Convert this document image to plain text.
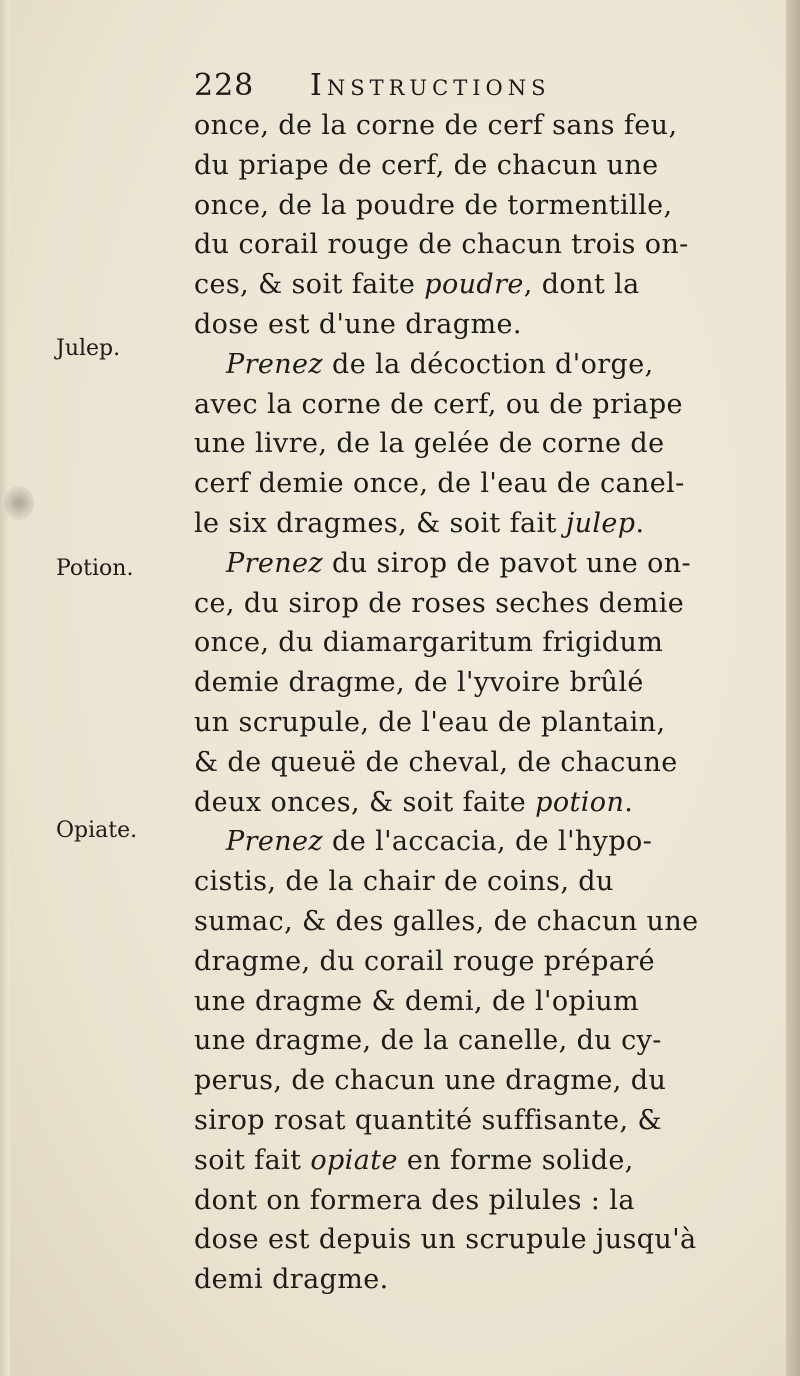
228 Instructions
Julep.
Potion.
Opiate.
once, de la corne de cerf sans feu,
du priape de cerf, de chacun une
once, de la poudre de tormentille,
du corail rouge de chacun trois on-
ces, & soit faite poudre, dont la
dose est d'une dragme.
Prenez de la décoction d'orge,
avec la corne de cerf, ou de priape
une livre, de la gelée de corne de
cerf demie once, de l'eau de canel-
le six dragmes, & soit fait julep.
Prenez du sirop de pavot une on-
ce, du sirop de roses seches demie
once, du diamargaritum frigidum
demie dragme, de l'yvoire brûlé
un scrupule, de l'eau de plantain,
& de queuë de cheval, de chacune
deux onces, & soit faite potion.
Prenez de l'accacia, de l'hypo-
cistis, de la chair de coins, du
sumac, & des galles, de chacun une
dragme, du corail rouge préparé
une dragme & demi, de l'opium
une dragme, de la canelle, du cy-
perus, de chacun une dragme, du
sirop rosat quantité suffisante, &
soit fait opiate en forme solide,
dont on formera des pilules : la
dose est depuis un scrupule jusqu'à
demi dragme.
